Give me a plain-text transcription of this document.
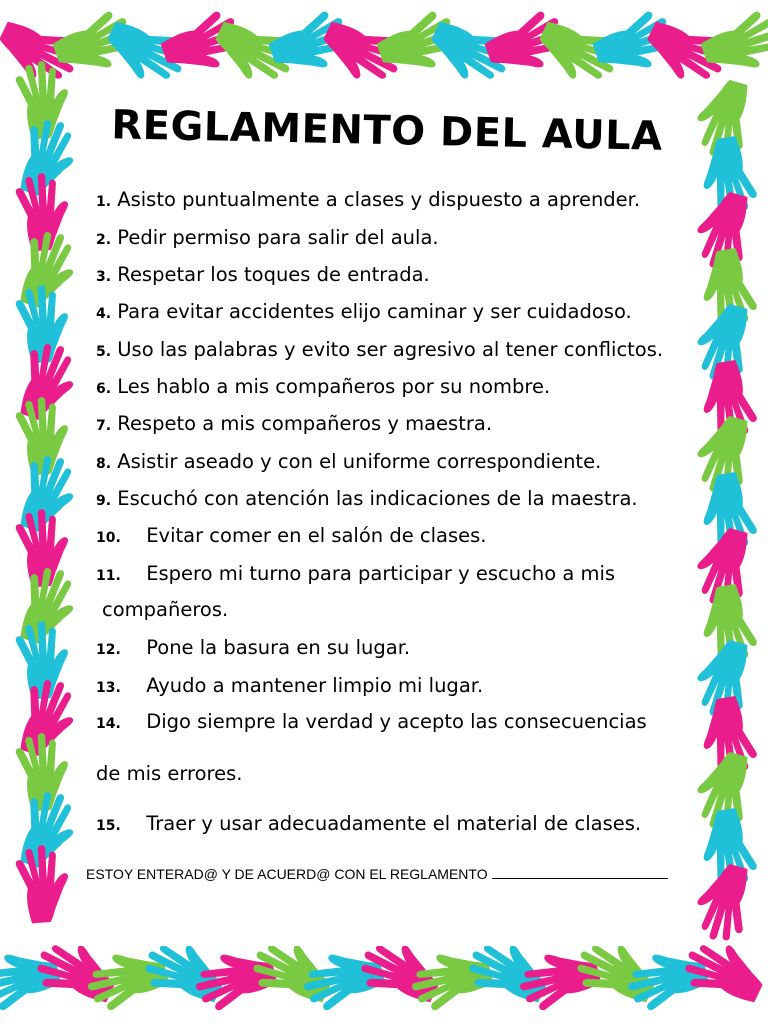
REGLAMENTO DEL AULA
1. Asisto puntualmente a clases y dispuesto a aprender.
2. Pedir permiso para salir del aula.
3. Respetar los toques de entrada.
4. Para evitar accidentes elijo caminar y ser cuidadoso.
5. Uso las palabras y evito ser agresivo al tener conflictos.
6. Les hablo a mis compañeros por su nombre.
7. Respeto a mis compañeros y maestra.
8. Asistir aseado y con el uniforme correspondiente.
9. Escuchó con atención las indicaciones de la maestra.
10. Evitar comer en el salón de clases.
11. Espero mi turno para participar y escucho a mis
compañeros.
12. Pone la basura en su lugar.
13. Ayudo a mantener limpio mi lugar.
14. Digo siempre la verdad y acepto las consecuencias
de mis errores.
15. Traer y usar adecuadamente el material de clases.
ESTOY ENTERAD@ Y DE ACUERD@ CON EL REGLAMENTO
